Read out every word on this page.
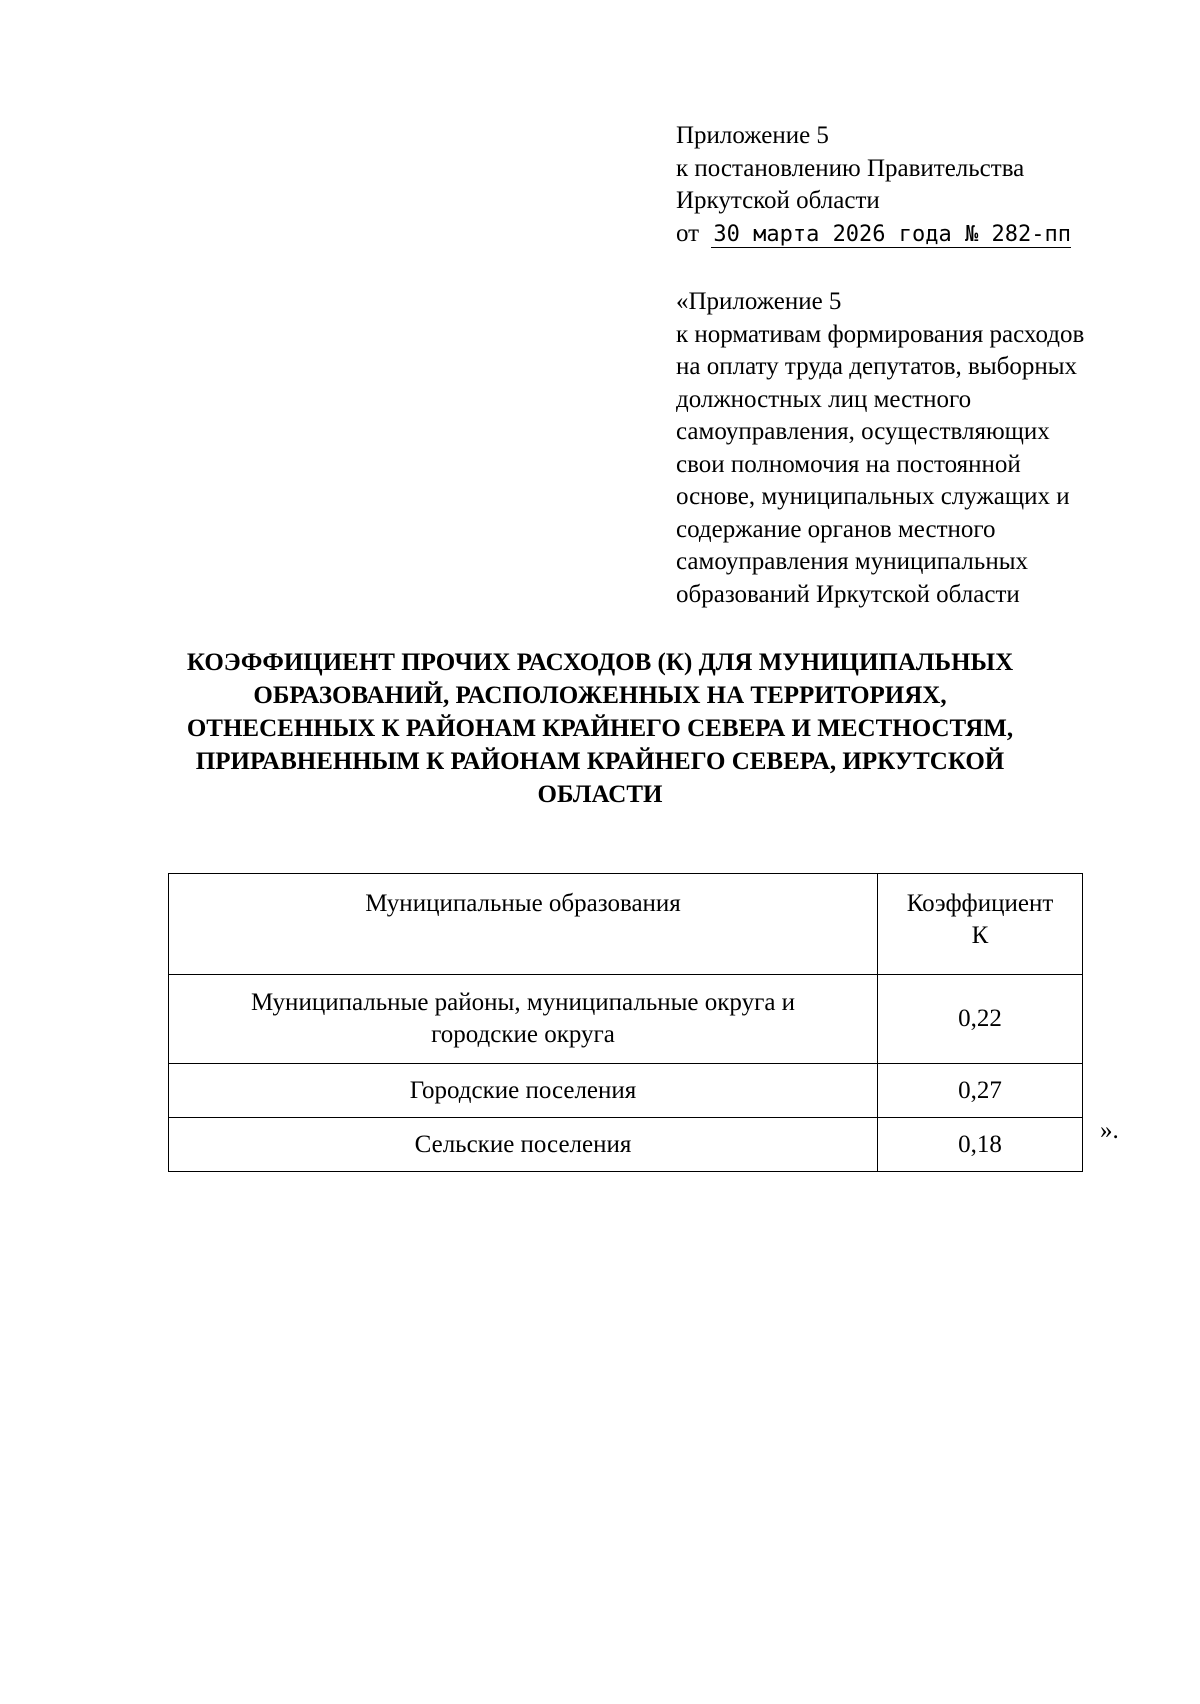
Приложение 5
к постановлению Правительства
Иркутской области
от 30 марта 2026 года № 282-пп
«Приложение 5
к нормативам формирования расходов
на оплату труда депутатов, выборных
должностных лиц местного
самоуправления, осуществляющих
свои полномочия на постоянной
основе, муниципальных служащих и
содержание органов местного
самоуправления муниципальных
образований Иркутской области
КОЭФФИЦИЕНТ ПРОЧИХ РАСХОДОВ (К) ДЛЯ МУНИЦИПАЛЬНЫХ
ОБРАЗОВАНИЙ, РАСПОЛОЖЕННЫХ НА ТЕРРИТОРИЯХ,
ОТНЕСЕННЫХ К РАЙОНАМ КРАЙНЕГО СЕВЕРА И МЕСТНОСТЯМ,
ПРИРАВНЕННЫМ К РАЙОНАМ КРАЙНЕГО СЕВЕРА, ИРКУТСКОЙ
ОБЛАСТИ
Муниципальные образования	Коэффициент
К
Муниципальные районы, муниципальные округа и
городские округа	0,22
Городские поселения	0,27
Сельские поселения	0,18	».
